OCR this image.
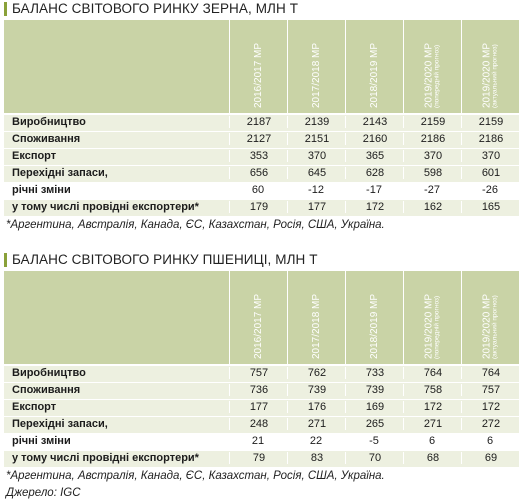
БАЛАНС СВІТОВОГО РИНКУ ЗЕРНА, МЛН Т
2016/2017 МР	2017/2018 МР	2018/2019 МР	2019/2020 МР (попередній прогноз)	2019/2020 МР (актуальний прогноз)
Виробництво	2187	2139	2143	2159	2159
Споживання	2127	2151	2160	2186	2186
Експорт	353	370	365	370	370
Перехідні запаси,	656	645	628	598	601
річні зміни	60	-12	-17	-27	-26
у тому числі провідні експортери*	179	177	172	162	165
*Аргентина, Австралія, Канада, ЄС, Казахстан, Росія, США, Україна.
БАЛАНС СВІТОВОГО РИНКУ ПШЕНИЦІ, МЛН Т
2016/2017 МР	2017/2018 МР	2018/2019 МР	2019/2020 МР (попередній прогноз)	2019/2020 МР (актуальний прогноз)
Виробництво	757	762	733	764	764
Споживання	736	739	739	758	757
Експорт	177	176	169	172	172
Перехідні запаси,	248	271	265	271	272
річні зміни	21	22	-5	6	6
у тому числі провідні експортери*	79	83	70	68	69
*Аргентина, Австралія, Канада, ЄС, Казахстан, Росія, США, Україна.
Джерело: IGC
